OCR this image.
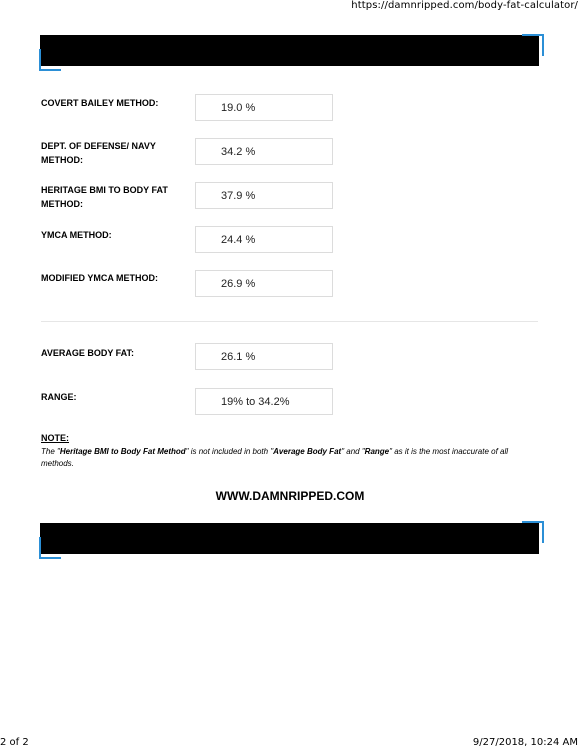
https://damnripped.com/body-fat-calculator/
COVERT BAILEY METHOD:	19.0 %
DEPT. OF DEFENSE/ NAVY METHOD:
34.2 %
HERITAGE BMI TO BODY FAT METHOD:
37.9 %
YMCA METHOD:	24.4 %
MODIFIED YMCA METHOD:	26.9 %
AVERAGE BODY FAT:	26.1 %
RANGE:	19% to 34.2%
NOTE:
The "Heritage BMI to Body Fat Method" is not included in both "Average Body Fat" and "Range" as it is the most inaccurate of all methods.
WWW.DAMNRIPPED.COM
2 of 2	9/27/2018, 10:24 AM
